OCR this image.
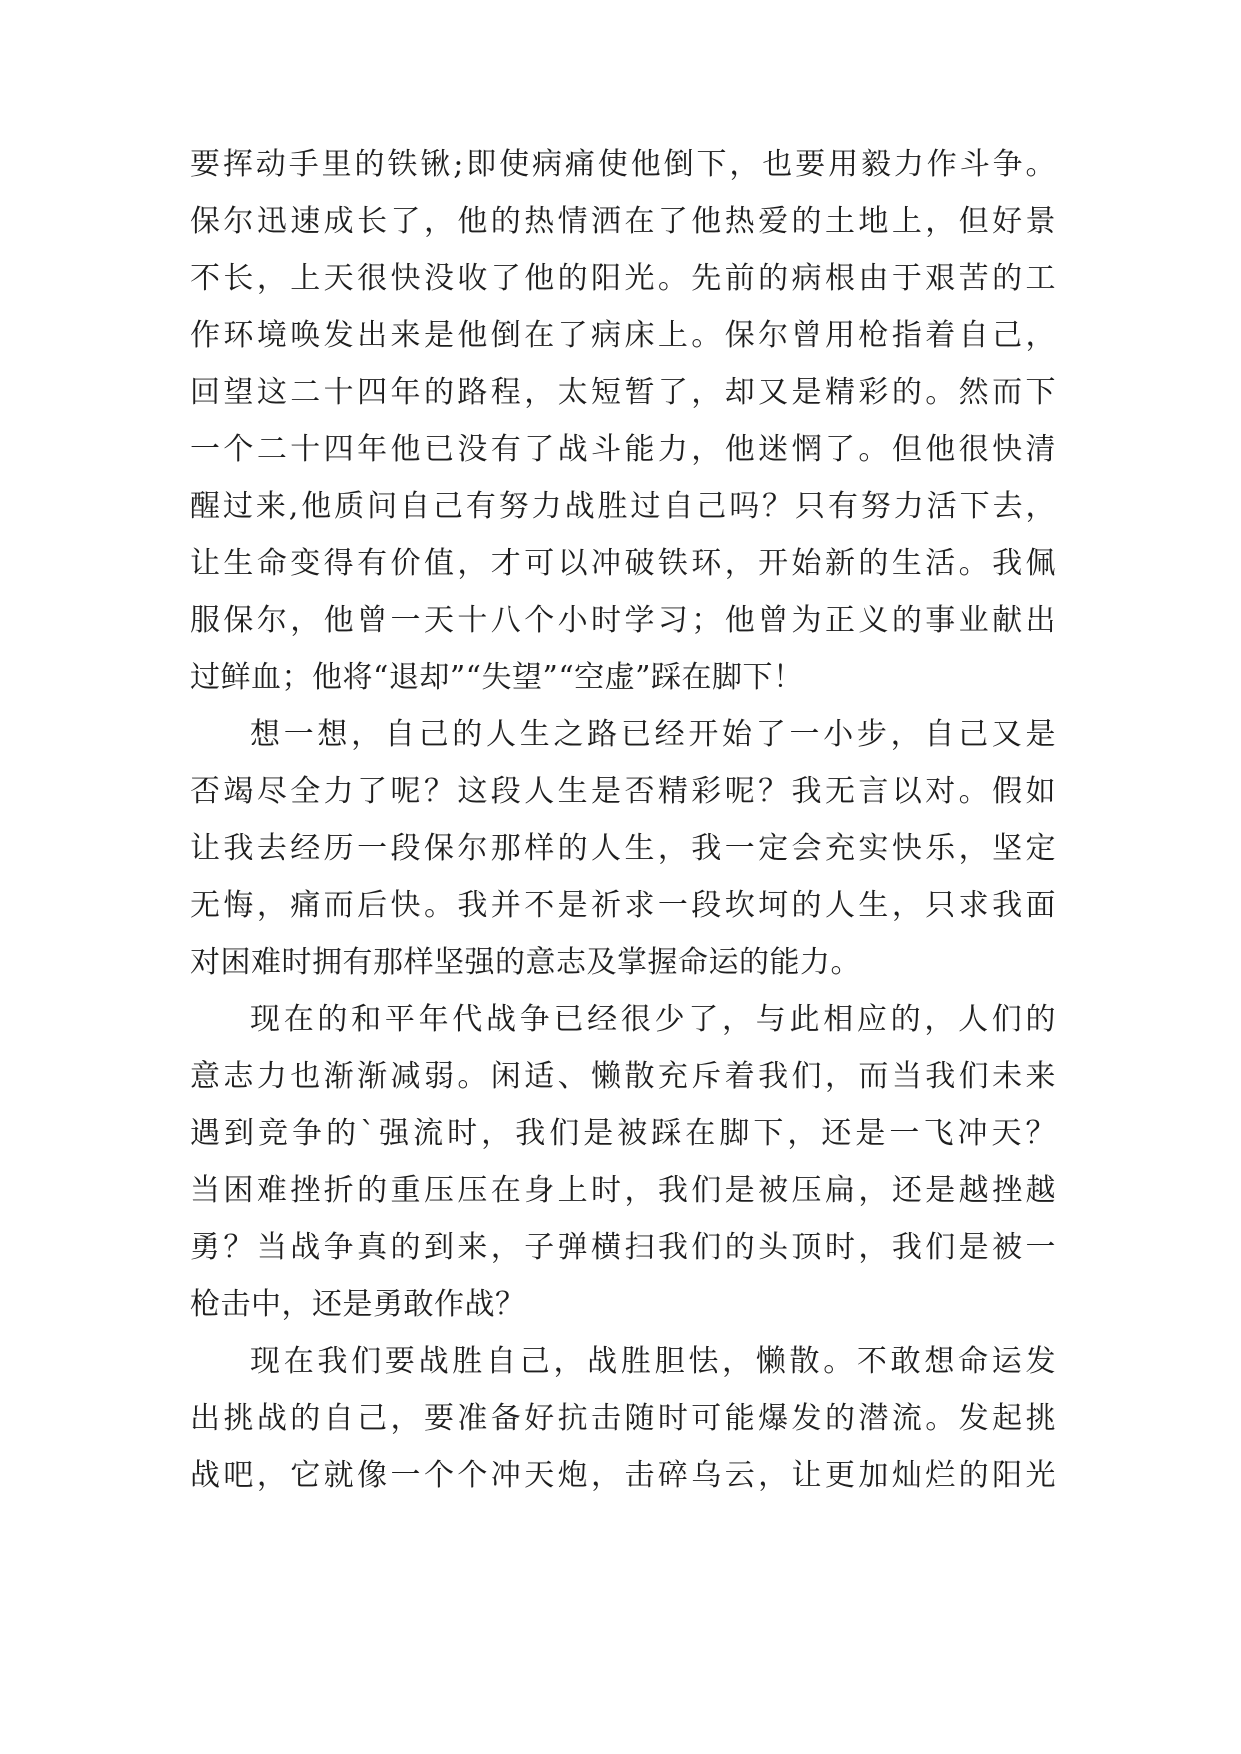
要挥动手里的铁锹;即使病痛使他倒下，也要用毅力作斗争。
保尔迅速成长了，他的热情洒在了他热爱的土地上，但好景
不长，上天很快没收了他的阳光。先前的病根由于艰苦的工
作环境唤发出来是他倒在了病床上。保尔曾用枪指着自己，
回望这二十四年的路程，太短暂了，却又是精彩的。然而下
一个二十四年他已没有了战斗能力，他迷惘了。但他很快清
醒过来,他质问自己有努力战胜过自己吗？只有努力活下去，
让生命变得有价值，才可以冲破铁环，开始新的生活。我佩
服保尔，他曾一天十八个小时学习；他曾为正义的事业献出
过鲜血；他将“退却”“失望”“空虚”踩在脚下！
想一想，自己的人生之路已经开始了一小步，自己又是
否竭尽全力了呢？这段人生是否精彩呢？我无言以对。假如
让我去经历一段保尔那样的人生，我一定会充实快乐，坚定
无悔，痛而后快。我并不是祈求一段坎坷的人生，只求我面
对困难时拥有那样坚强的意志及掌握命运的能力。
现在的和平年代战争已经很少了，与此相应的，人们的
意志力也渐渐减弱。闲适、懒散充斥着我们，而当我们未来
遇到竞争的`强流时，我们是被踩在脚下，还是一飞冲天？
当困难挫折的重压压在身上时，我们是被压扁，还是越挫越
勇？当战争真的到来，子弹横扫我们的头顶时，我们是被一
枪击中，还是勇敢作战？
现在我们要战胜自己，战胜胆怯，懒散。不敢想命运发
出挑战的自己，要准备好抗击随时可能爆发的潜流。发起挑
战吧，它就像一个个冲天炮，击碎乌云，让更加灿烂的阳光
